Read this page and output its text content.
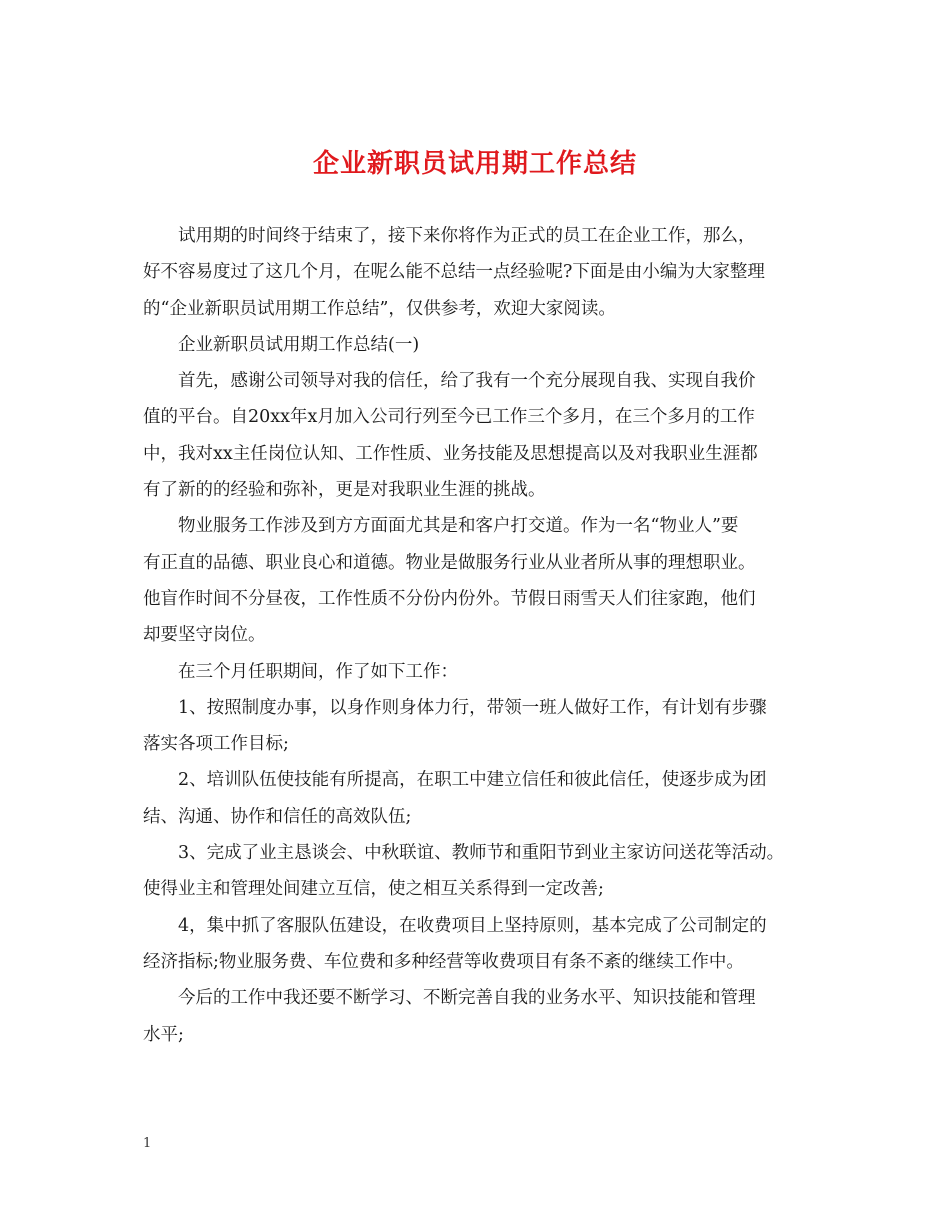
企业新职员试用期工作总结
试用期的时间终于结束了，接下来你将作为正式的员工在企业工作，那么，
好不容易度过了这几个月，在呢么能不总结一点经验呢?下面是由小编为大家整理
的“企业新职员试用期工作总结”，仅供参考，欢迎大家阅读。
企业新职员试用期工作总结(一)
首先，感谢公司领导对我的信任，给了我有一个充分展现自我、实现自我价
值的平台。自20xx年x月加入公司行列至今已工作三个多月，在三个多月的工作
中，我对xx主任岗位认知、工作性质、业务技能及思想提高以及对我职业生涯都
有了新的的经验和弥补，更是对我职业生涯的挑战。
物业服务工作涉及到方方面面尤其是和客户打交道。作为一名“物业人”要
有正直的品德、职业良心和道德。物业是做服务行业从业者所从事的理想职业。
他盲作时间不分昼夜，工作性质不分份内份外。节假日雨雪天人们往家跑，他们
却要坚守岗位。
在三个月任职期间，作了如下工作：
1、按照制度办事，以身作则身体力行，带领一班人做好工作，有计划有步骤
落实各项工作目标;
2、培训队伍使技能有所提高，在职工中建立信任和彼此信任，使逐步成为团
结、沟通、协作和信任的高效队伍;
3、完成了业主恳谈会、中秋联谊、教师节和重阳节到业主家访问送花等活动。
使得业主和管理处间建立互信，使之相互关系得到一定改善;
4，集中抓了客服队伍建设，在收费项目上坚持原则，基本完成了公司制定的
经济指标;物业服务费、车位费和多种经营等收费项目有条不紊的继续工作中。
今后的工作中我还要不断学习、不断完善自我的业务水平、知识技能和管理
水平;
1
